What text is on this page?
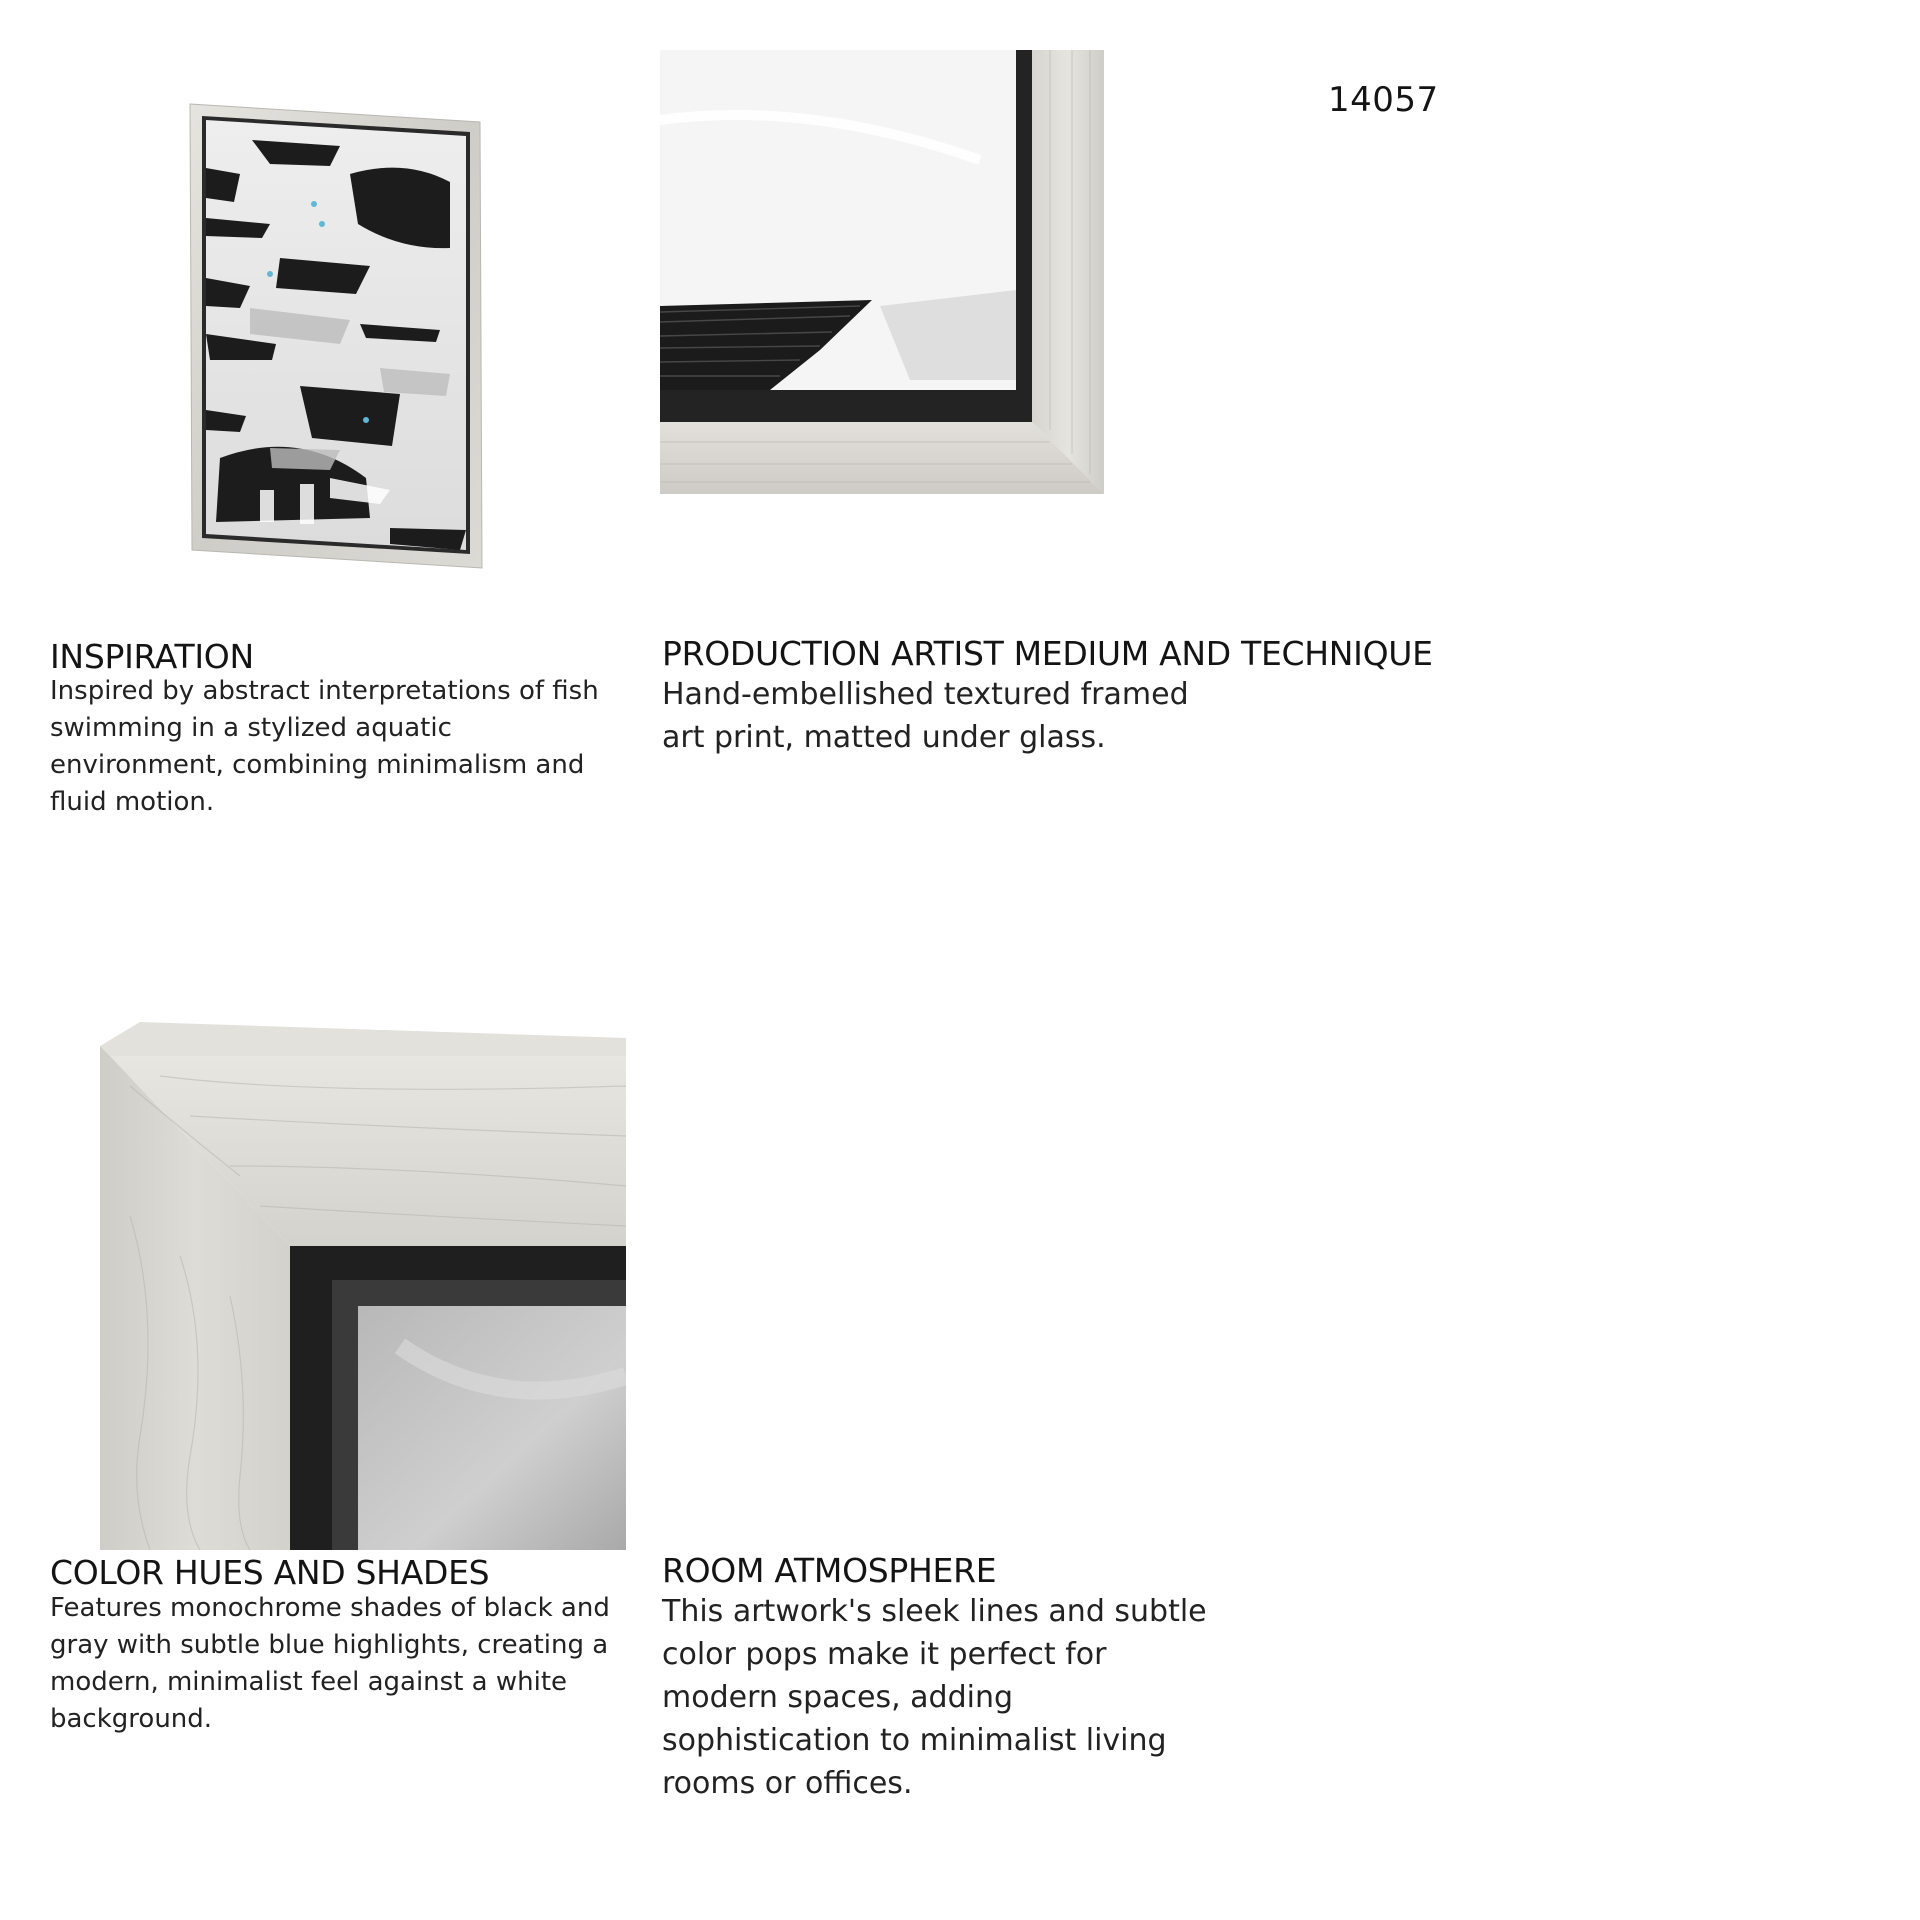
14057
INSPIRATION
Inspired by abstract interpretations of fish swimming in a stylized aquatic environment, combining minimalism and fluid motion.
PRODUCTION ARTIST MEDIUM AND TECHNIQUE
Hand-embellished textured framed art print, matted under glass.
COLOR HUES AND SHADES
Features monochrome shades of black and gray with subtle blue highlights, creating a modern, minimalist feel against a white background.
ROOM ATMOSPHERE
This artwork's sleek lines and subtle color pops make it perfect for modern spaces, adding sophistication to minimalist living rooms or offices.
